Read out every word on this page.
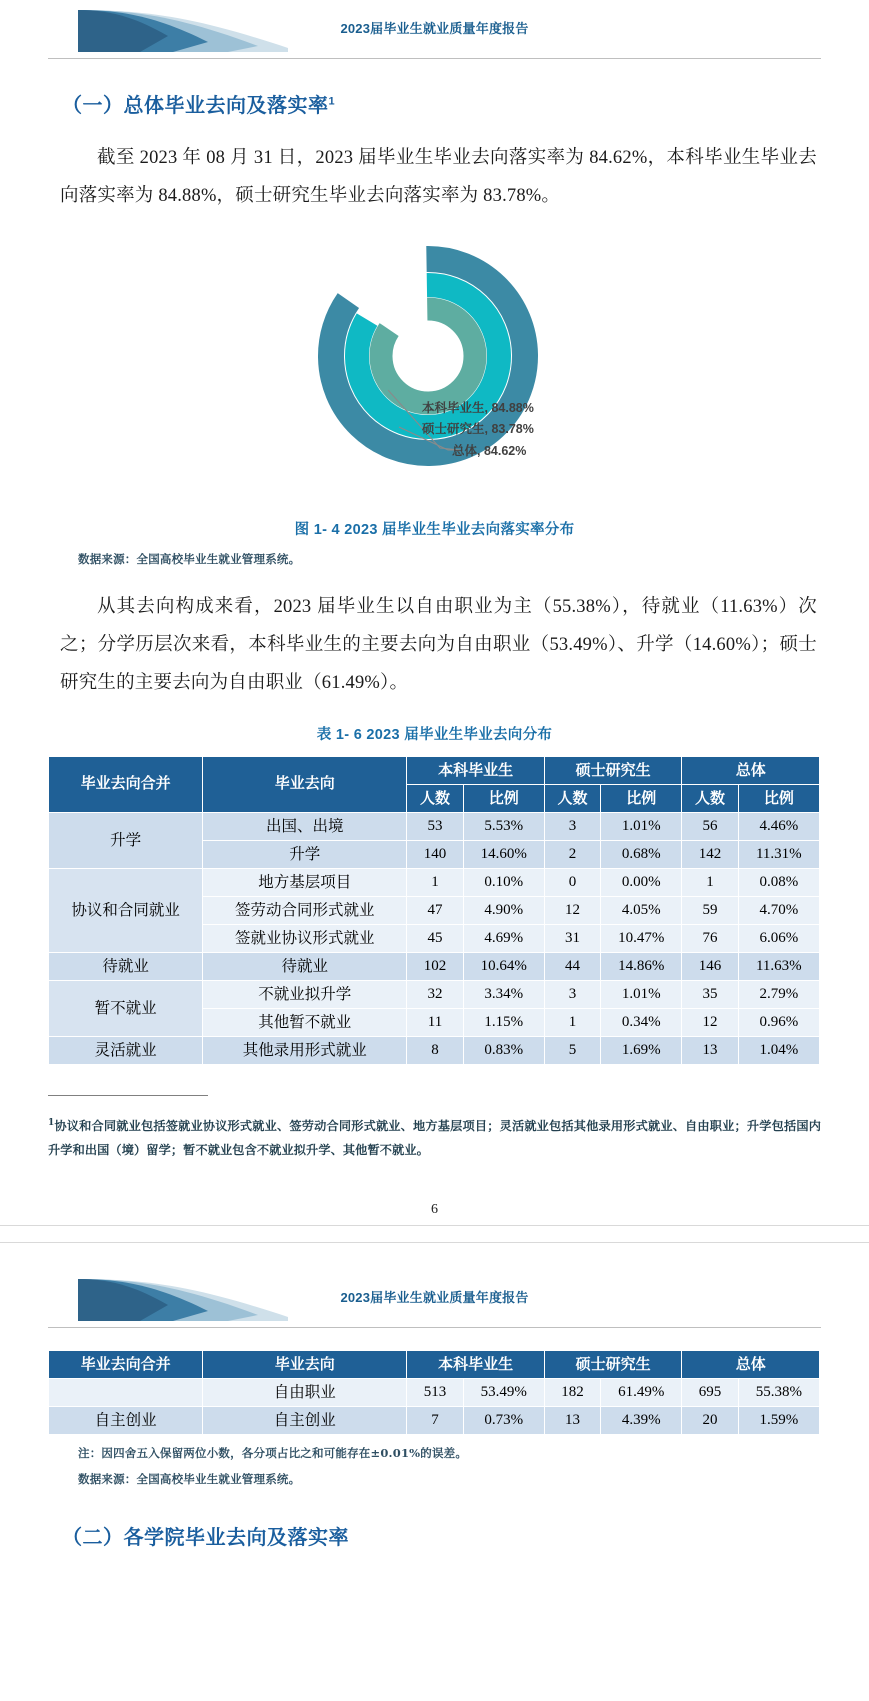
2023届毕业生就业质量年度报告
（一）总体毕业去向及落实率$^1$

截至 2023 年 08 月 31 日，2023 届毕业生毕业去向落实率为 84.62%，本科毕业生毕业去向落实率为 84.88%，硕士研究生毕业去向落实率为 83.78%。

本科毕业生, 84.88%
硕士研究生, 83.78%
总体, 84.62%
图 1- 4 2023 届毕业生毕业去向落实率分布
数据来源：全国高校毕业生就业管理系统。

从其去向构成来看，2023 届毕业生以自由职业为主（55.38%），待就业（11.63%）次之；分学历层次来看，本科毕业生的主要去向为自由职业（53.49%）、升学（14.60%）；硕士研究生的主要去向为自由职业（61.49%）。

表 1- 6 2023 届毕业生毕业去向分布
毕业去向合并	毕业去向	本科毕业生		硕士研究生		总体	
		人数	比例	人数	比例	人数	比例
升学	出国、出境	53	5.53%	3	1.01%	56	4.46%
	升学	140	14.60%	2	0.68%	142	11.31%
协议和合同就业	地方基层项目	1	0.10%	0	0.00%	1	0.08%
	签劳动合同形式就业	47	4.90%	12	4.05%	59	4.70%
	签就业协议形式就业	45	4.69%	31	10.47%	76	6.06%
待就业	待就业	102	10.64%	44	14.86%	146	11.63%
暂不就业	不就业拟升学	32	3.34%	3	1.01%	35	2.79%
	其他暂不就业	11	1.15%	1	0.34%	12	0.96%
灵活就业	其他录用形式就业	8	0.83%	5	1.69%	13	1.04%
$^1$协议和合同就业包括签就业协议形式就业、签劳动合同形式就业、地方基层项目；灵活就业包括其他录用形式就业、自由职业；升学包括国内升学和出国（境）留学；暂不就业包含不就业拟升学、其他暂不就业。
6
2023届毕业生就业质量年度报告
毕业去向合并	毕业去向	本科毕业生		硕士研究生		总体	
	自由职业	513	53.49%	182	61.49%	695	55.38%
自主创业	自主创业	7	0.73%	13	4.39%	20	1.59%
注：因四舍五入保留两位小数，各分项占比之和可能存在±0.01%的误差。
数据来源：全国高校毕业生就业管理系统。
（二）各学院毕业去向及落实率
